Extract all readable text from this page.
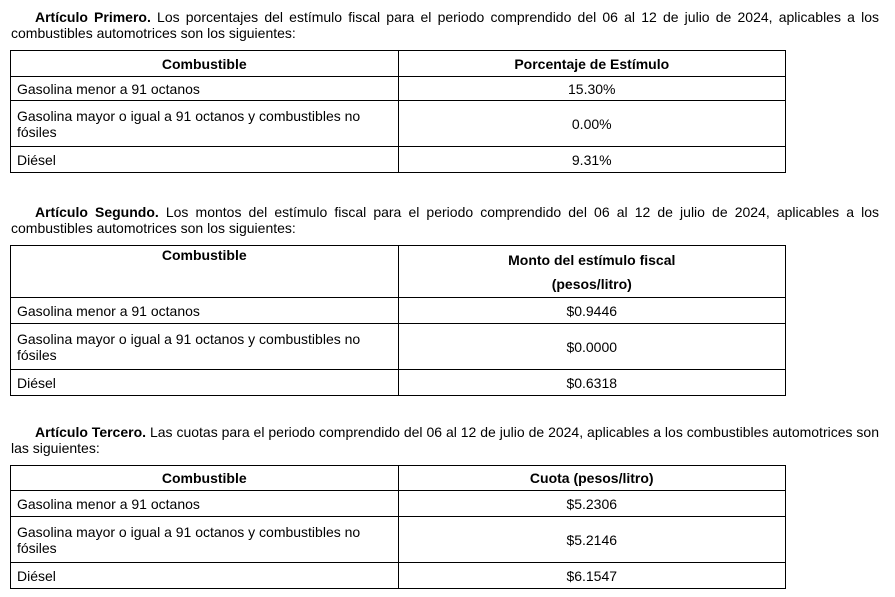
Artículo Primero. Los porcentajes del estímulo fiscal para el periodo comprendido del 06 al 12 de julio de 2024, aplicables a los combustibles automotrices son los siguientes:

Combustible	Porcentaje de Estímulo
Gasolina menor a 91 octanos	15.30%
Gasolina mayor o igual a 91 octanos y combustibles no fósiles	0.00%
Diésel	9.31%

Artículo Segundo. Los montos del estímulo fiscal para el periodo comprendido del 06 al 12 de julio de 2024, aplicables a los combustibles automotrices son los siguientes:

Combustible	Monto del estímulo fiscal
(pesos/litro)

Gasolina menor a 91 octanos	$0.9446
Gasolina mayor o igual a 91 octanos y combustibles no fósiles	$0.0000
Diésel	$0.6318

Artículo Tercero. Las cuotas para el periodo comprendido del 06 al 12 de julio de 2024, aplicables a los combustibles automotrices son las siguientes:

Combustible	Cuota (pesos/litro)
Gasolina menor a 91 octanos	$5.2306
Gasolina mayor o igual a 91 octanos y combustibles no fósiles	$5.2146
Diésel	$6.1547
